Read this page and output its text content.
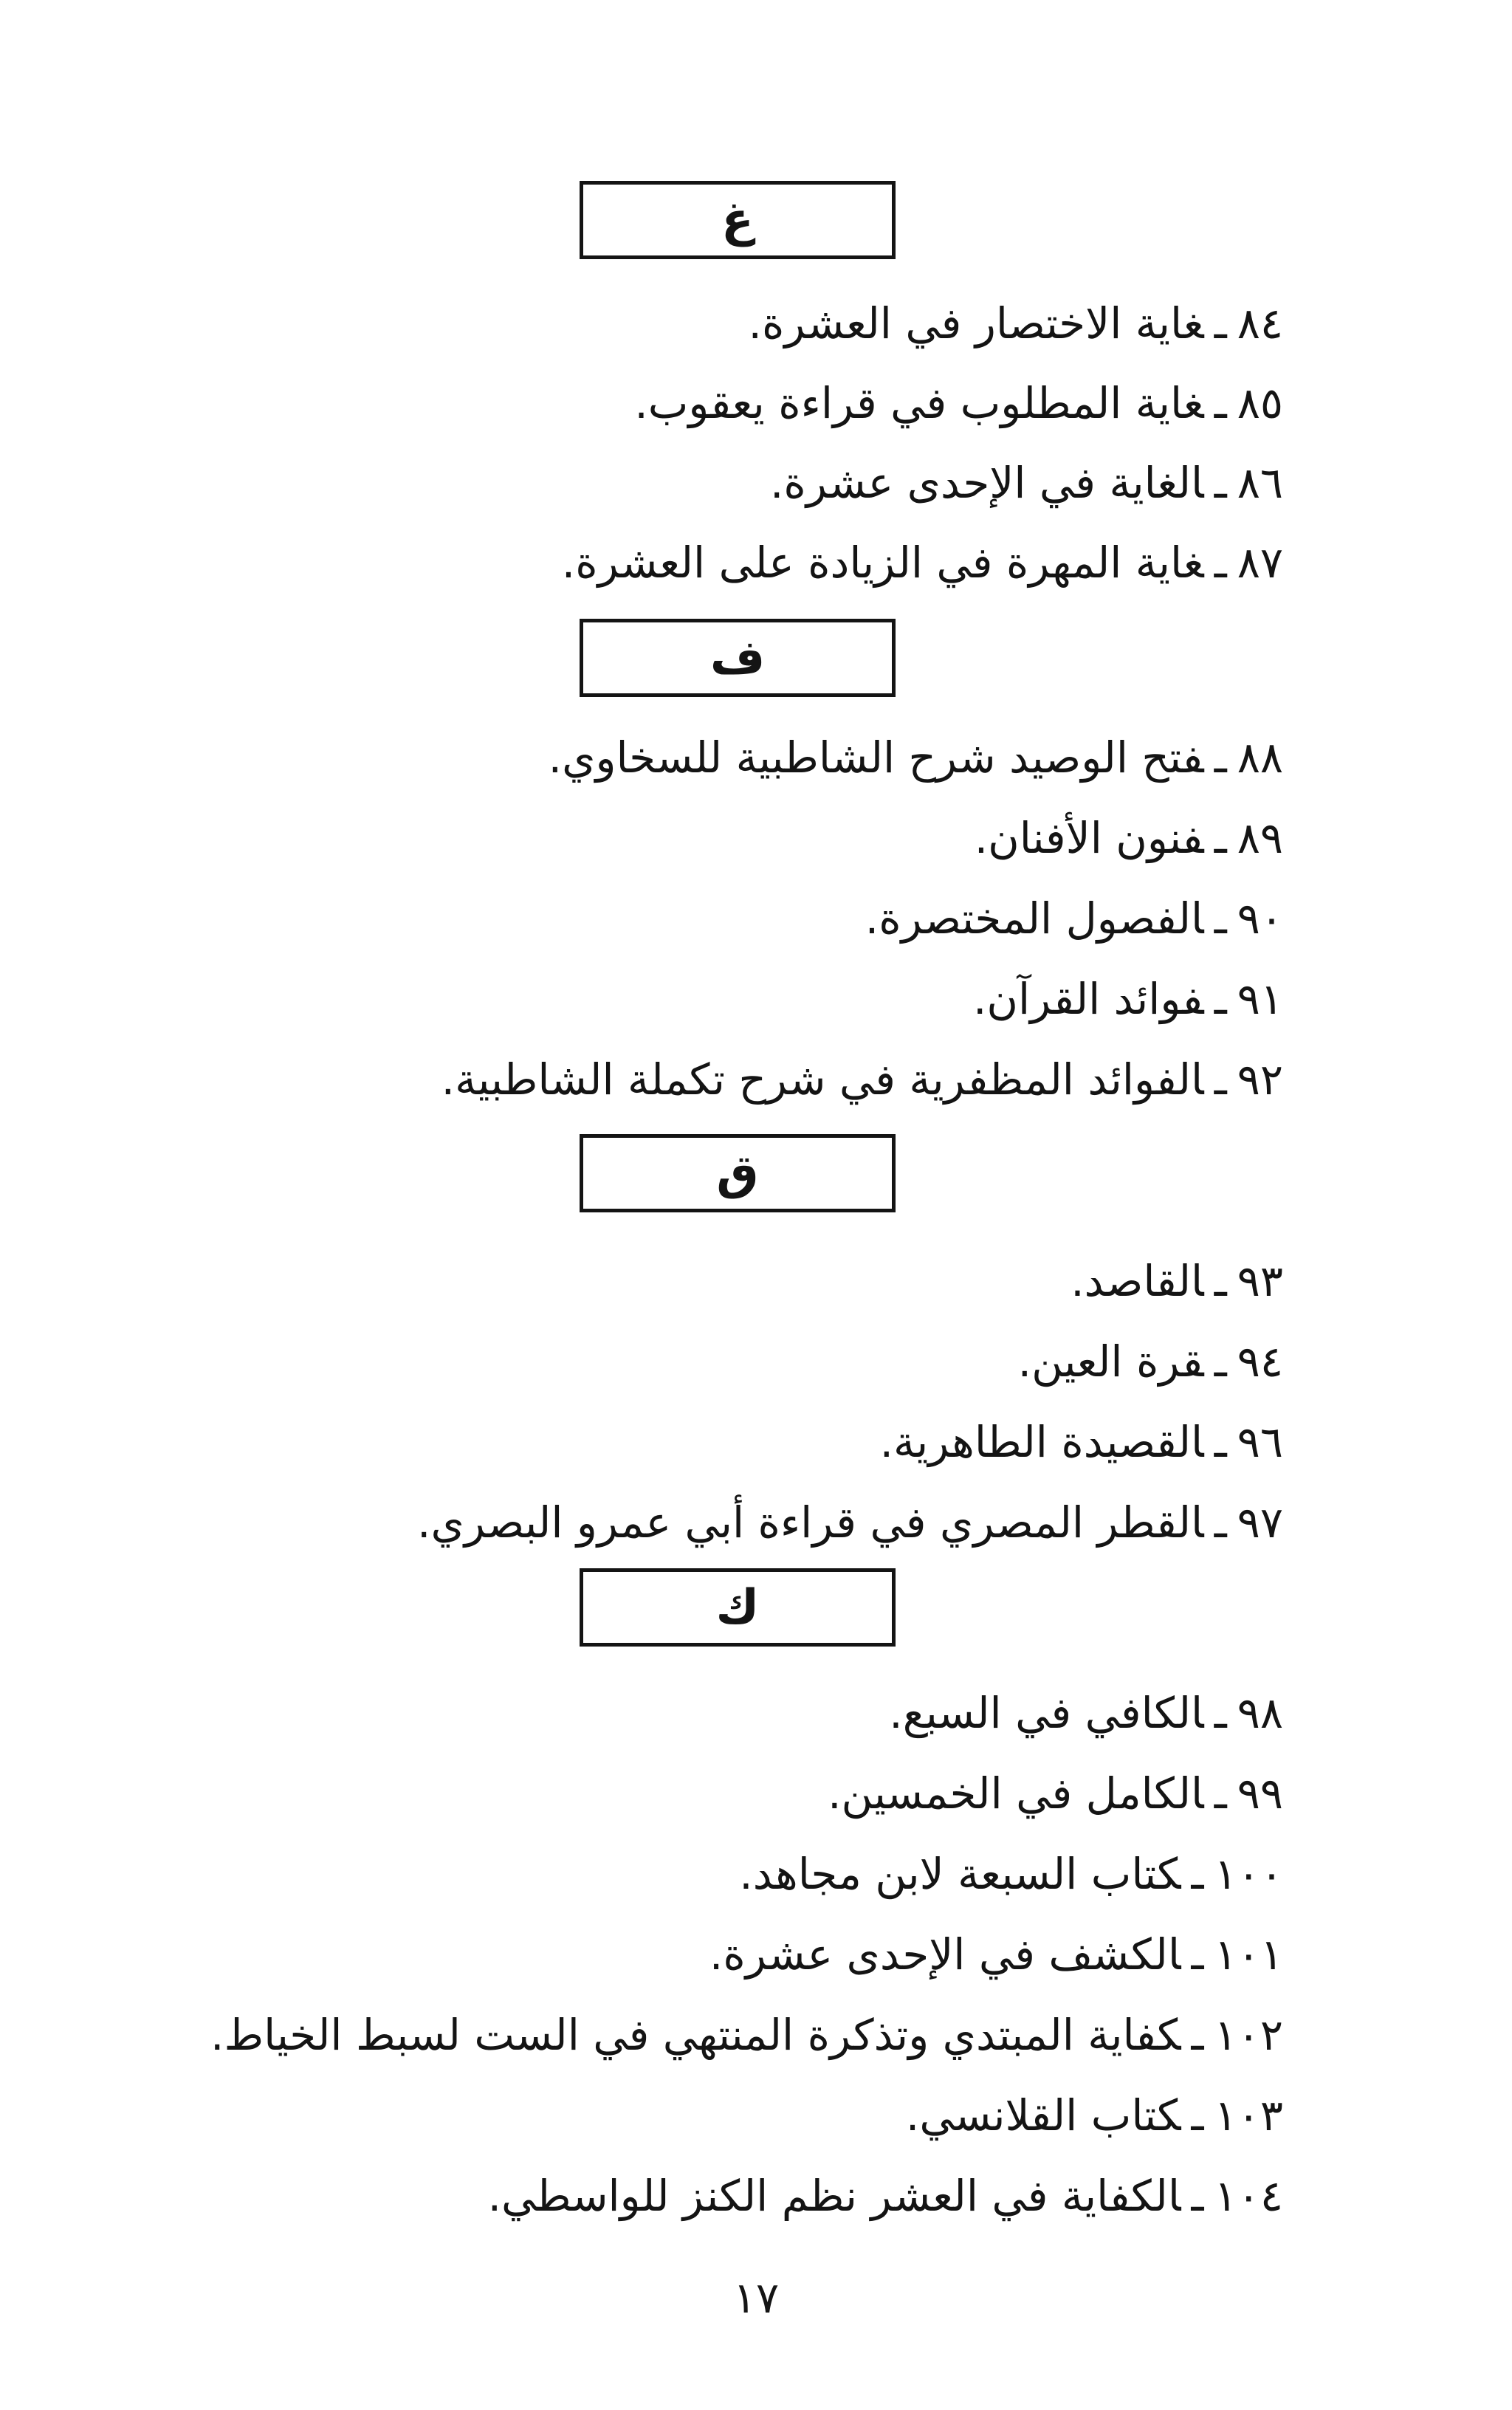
غ
٨٤ـغاية الاختصار في العشرة.
٨٥ـغاية المطلوب في قراءة يعقوب.
٨٦ـالغاية في الإحدى عشرة.
٨٧ـغاية المهرة في الزيادة على العشرة.
ف
٨٨ـفتح الوصيد شرح الشاطبية للسخاوي.
٨٩ـفنون الأفنان.
٩٠ـالفصول المختصرة.
٩١ـفوائد القرآن.
٩٢ـالفوائد المظفرية في شرح تكملة الشاطبية.
ق
٩٣ـالقاصد.
٩٤ـقرة العين.
٩٦ـالقصيدة الطاهرية.
٩٧ـالقطر المصري في قراءة أبي عمرو البصري.
ك
٩٨ـالكافي في السبع.
٩٩ـالكامل في الخمسين.
١٠٠ـكتاب السبعة لابن مجاهد.
١٠١ـالكشف في الإحدى عشرة.
١٠٢ـكفاية المبتدي وتذكرة المنتهي في الست لسبط الخياط.
١٠٣ـكتاب القلانسي.
١٠٤ـالكفاية في العشر نظم الكنز للواسطي.
١٧
